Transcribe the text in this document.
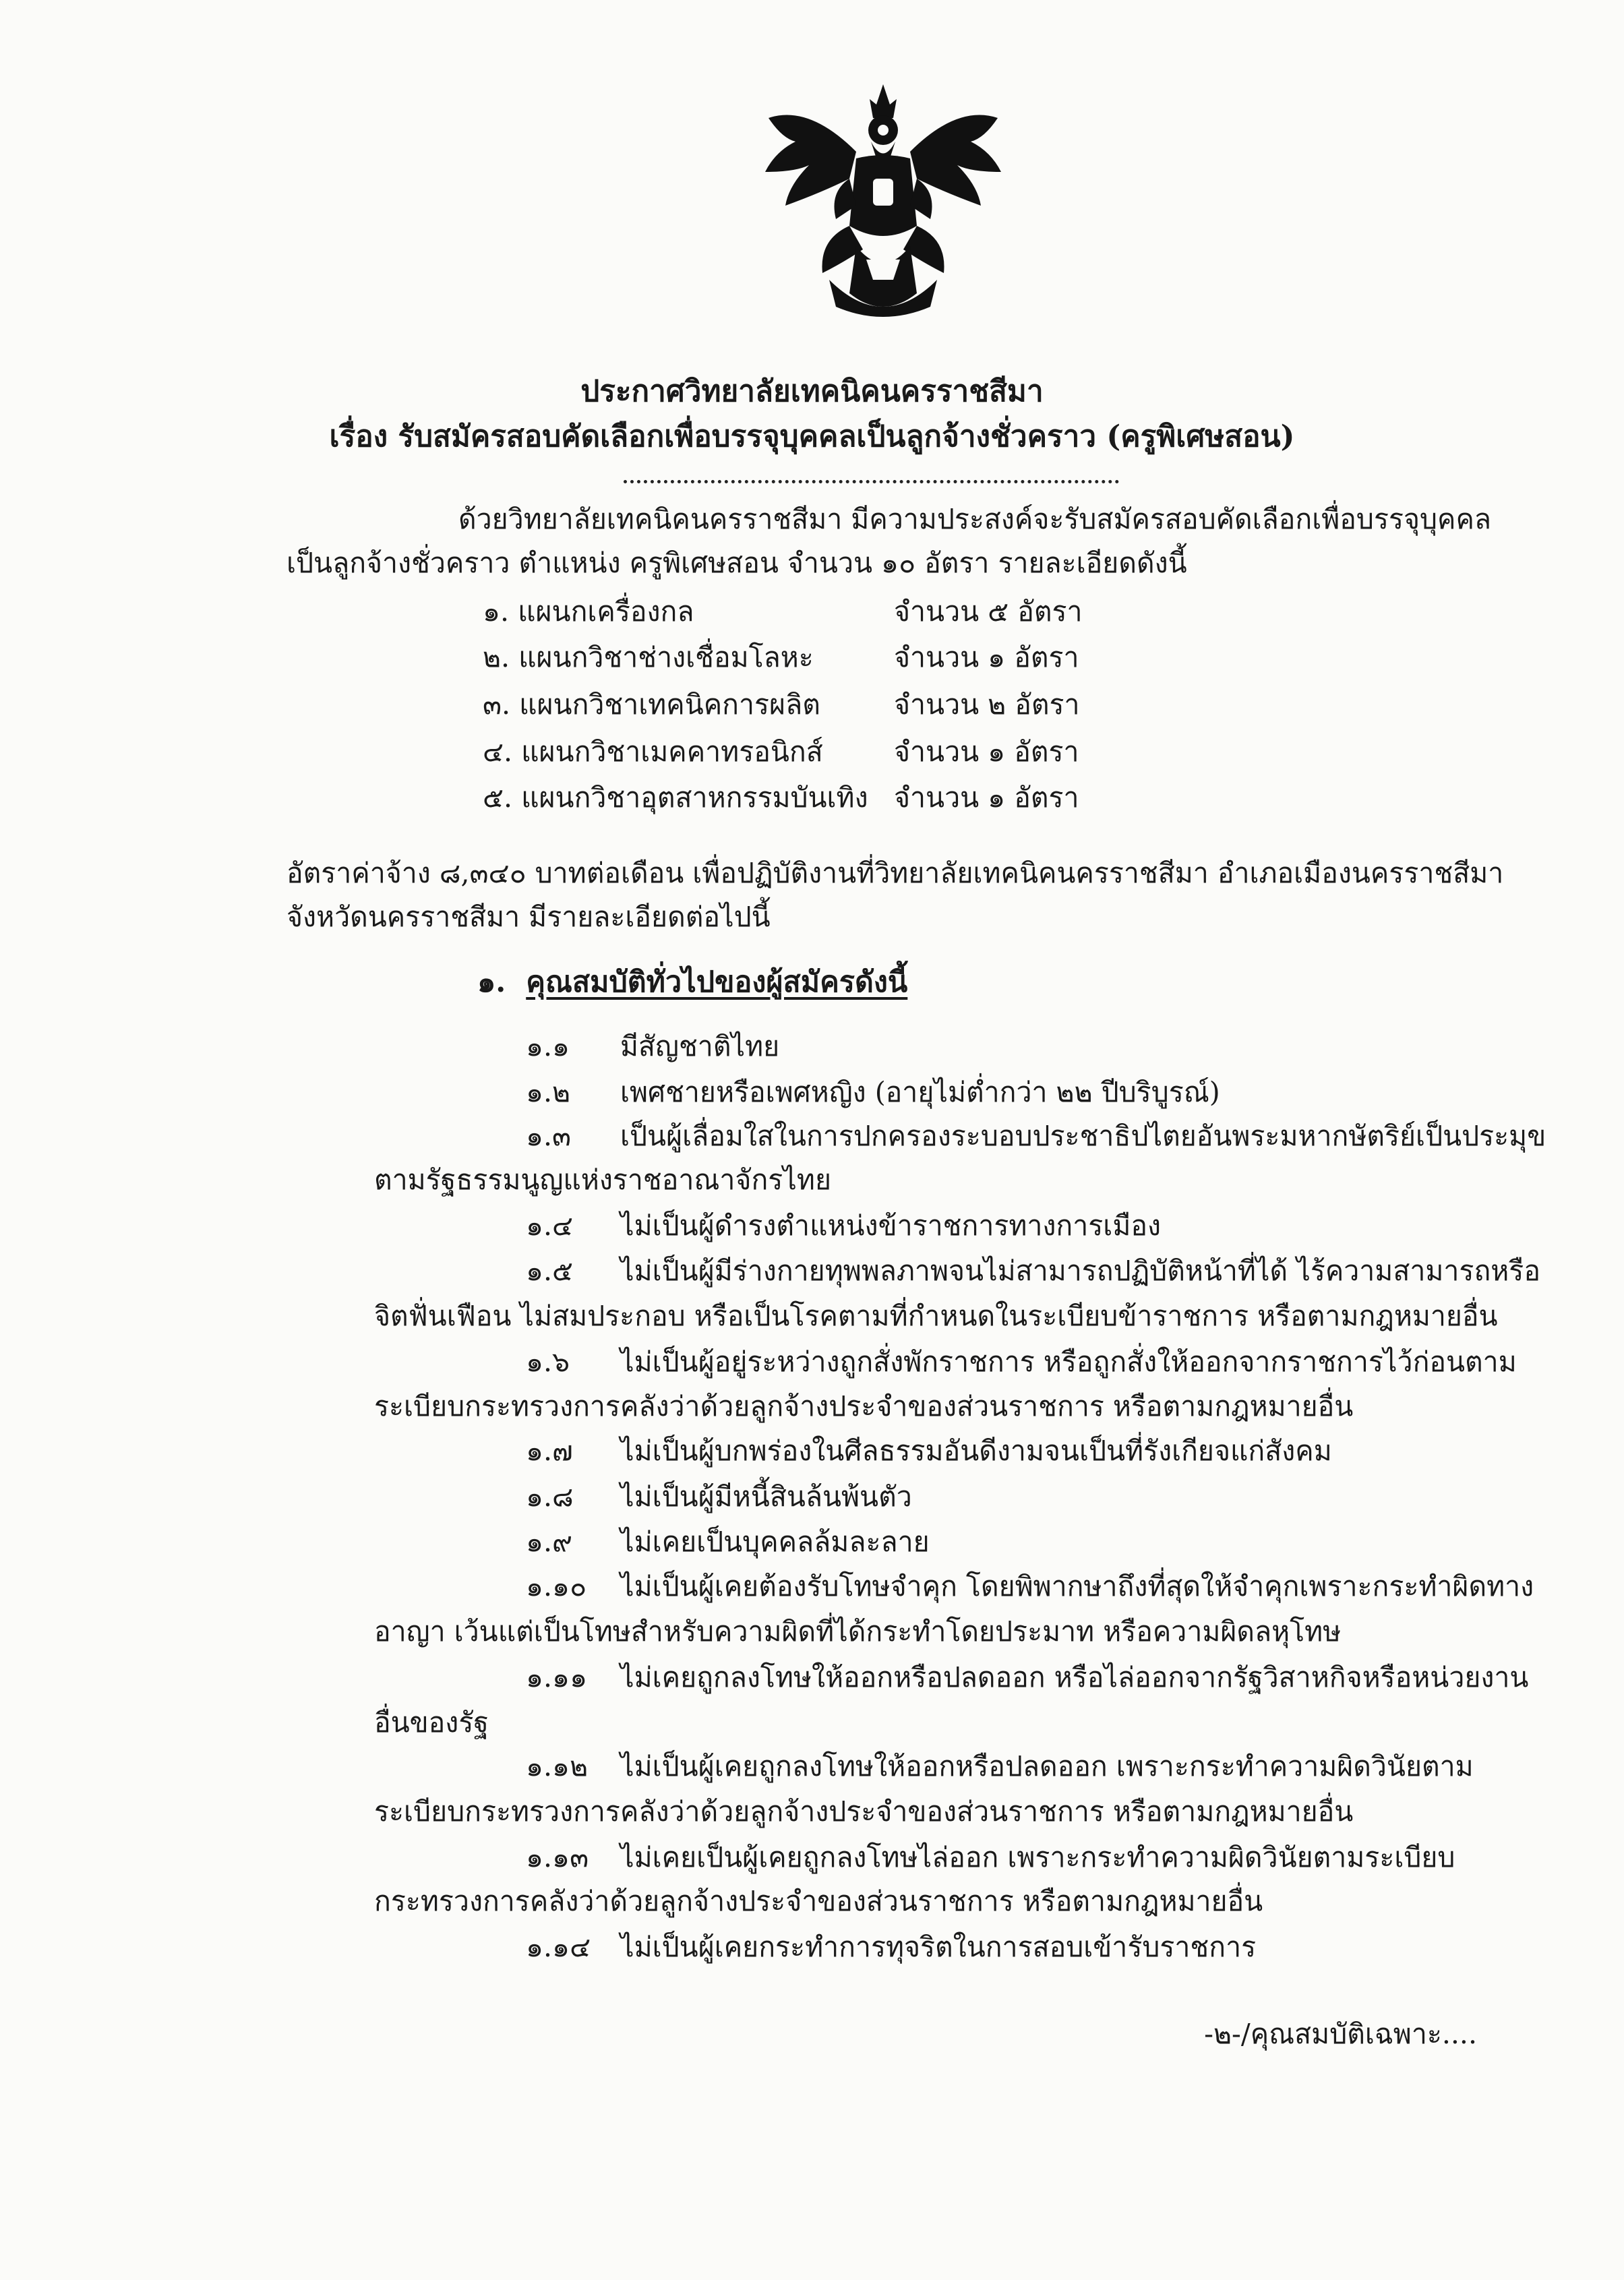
ประกาศวิทยาลัยเทคนิคนครราชสีมา
เรื่อง รับสมัครสอบคัดเลือกเพื่อบรรจุบุคคลเป็นลูกจ้างชั่วคราว (ครูพิเศษสอน)
ด้วยวิทยาลัยเทคนิคนครราชสีมา มีความประสงค์จะรับสมัครสอบคัดเลือกเพื่อบรรจุบุคคล
เป็นลูกจ้างชั่วคราว ตำแหน่ง ครูพิเศษสอน จำนวน ๑๐ อัตรา รายละเอียดดังนี้
๑. แผนกเครื่องกล	จำนวน ๕ อัตรา
๒. แผนกวิชาช่างเชื่อมโลหะ	จำนวน ๑ อัตรา
๓. แผนกวิชาเทคนิคการผลิต	จำนวน ๒ อัตรา
๔. แผนกวิชาเมคคาทรอนิกส์	จำนวน ๑ อัตรา
๕. แผนกวิชาอุตสาหกรรมบันเทิง จำนวน ๑ อัตรา
อัตราค่าจ้าง ๘,๓๔๐ บาทต่อเดือน เพื่อปฏิบัติงานที่วิทยาลัยเทคนิคนครราชสีมา อำเภอเมืองนครราชสีมา
จังหวัดนครราชสีมา มีรายละเอียดต่อไปนี้
๑. คุณสมบัติทั่วไปของผู้สมัครดังนี้
๑.๑ มีสัญชาติไทย
๑.๒ เพศชายหรือเพศหญิง (อายุไม่ต่ำกว่า ๒๒ ปีบริบูรณ์)
๑.๓ เป็นผู้เลื่อมใสในการปกครองระบอบประชาธิปไตยอันพระมหากษัตริย์เป็นประมุข
ตามรัฐธรรมนูญแห่งราชอาณาจักรไทย
๑.๔ ไม่เป็นผู้ดำรงตำแหน่งข้าราชการทางการเมือง
๑.๕ ไม่เป็นผู้มีร่างกายทุพพลภาพจนไม่สามารถปฏิบัติหน้าที่ได้ ไร้ความสามารถหรือ
จิตฟั่นเฟือน ไม่สมประกอบ หรือเป็นโรคตามที่กำหนดในระเบียบข้าราชการ หรือตามกฎหมายอื่น
๑.๖ ไม่เป็นผู้อยู่ระหว่างถูกสั่งพักราชการ หรือถูกสั่งให้ออกจากราชการไว้ก่อนตาม
ระเบียบกระทรวงการคลังว่าด้วยลูกจ้างประจำของส่วนราชการ หรือตามกฎหมายอื่น
๑.๗ ไม่เป็นผู้บกพร่องในศีลธรรมอันดีงามจนเป็นที่รังเกียจแก่สังคม
๑.๘ ไม่เป็นผู้มีหนี้สินล้นพ้นตัว
๑.๙ ไม่เคยเป็นบุคคลล้มละลาย
๑.๑๐ ไม่เป็นผู้เคยต้องรับโทษจำคุก โดยพิพากษาถึงที่สุดให้จำคุกเพราะกระทำผิดทาง
อาญา เว้นแต่เป็นโทษสำหรับความผิดที่ได้กระทำโดยประมาท หรือความผิดลหุโทษ
๑.๑๑ ไม่เคยถูกลงโทษให้ออกหรือปลดออก หรือไล่ออกจากรัฐวิสาหกิจหรือหน่วยงาน
อื่นของรัฐ
๑.๑๒ ไม่เป็นผู้เคยถูกลงโทษให้ออกหรือปลดออก เพราะกระทำความผิดวินัยตาม
ระเบียบกระทรวงการคลังว่าด้วยลูกจ้างประจำของส่วนราชการ หรือตามกฎหมายอื่น
๑.๑๓ ไม่เคยเป็นผู้เคยถูกลงโทษไล่ออก เพราะกระทำความผิดวินัยตามระเบียบ
กระทรวงการคลังว่าด้วยลูกจ้างประจำของส่วนราชการ หรือตามกฎหมายอื่น
๑.๑๔ ไม่เป็นผู้เคยกระทำการทุจริตในการสอบเข้ารับราชการ
-๒-/คุณสมบัติเฉพาะ....
